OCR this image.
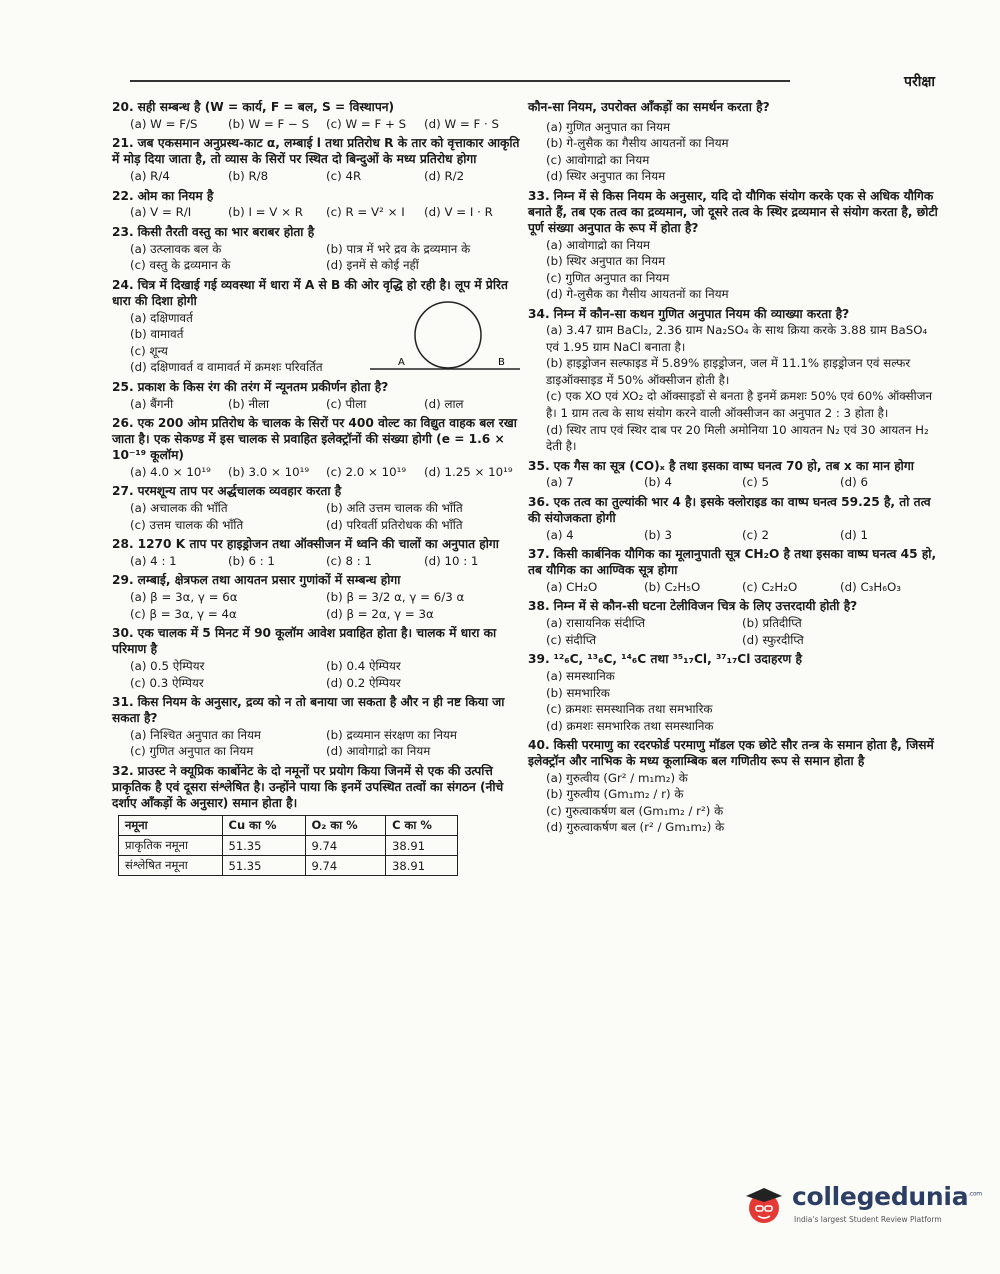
परीक्षा
20. सही सम्बन्ध है (W = कार्य, F = बल, S = विस्थापन)
(a) W = F/S	(b) W = F − S	(c) W = F + S	(d) W = F · S
21. जब एकसमान अनुप्रस्थ-काट α, लम्बाई l तथा प्रतिरोध R के तार को वृत्ताकार आकृति में मोड़ दिया जाता है, तो व्यास के सिरों पर स्थित दो बिन्दुओं के मध्य प्रतिरोध होगा
(a) R/4	(b) R/8	(c) 4R	(d) R/2
22. ओम का नियम है
(a) V = R/I	(b) I = V × R	(c) R = V² × I	(d) V = I · R
23. किसी तैरती वस्तु का भार बराबर होता है
(a) उत्प्लावक बल के	(b) पात्र में भरे द्रव के द्रव्यमान के
(c) वस्तु के द्रव्यमान के	(d) इनमें से कोई नहीं
24. चित्र में दिखाई गई व्यवस्था में धारा में A से B की ओर वृद्धि हो रही है। लूप में प्रेरित धारा की दिशा होगी
(a) दक्षिणावर्त
(b) वामावर्त
(c) शून्य
(d) दक्षिणावर्त व वामावर्त में क्रमशः परिवर्तित	A	B
25. प्रकाश के किस रंग की तरंग में न्यूनतम प्रकीर्णन होता है?
(a) बैंगनी	(b) नीला	(c) पीला	(d) लाल
26. एक 200 ओम प्रतिरोध के चालक के सिरों पर 400 वोल्ट का विद्युत वाहक बल रखा जाता है। एक सेकण्ड में इस चालक से प्रवाहित इलेक्ट्रॉनों की संख्या होगी (e = 1.6 × 10⁻¹⁹ कूलॉम)
(a) 4.0 × 10¹⁹	(b) 3.0 × 10¹⁹	(c) 2.0 × 10¹⁹	(d) 1.25 × 10¹⁹
27. परमशून्य ताप पर अर्द्धचालक व्यवहार करता है
(a) अचालक की भाँति	(b) अति उत्तम चालक की भाँति
(c) उत्तम चालक की भाँति	(d) परिवर्ती प्रतिरोधक की भाँति
28. 1270 K ताप पर हाइड्रोजन तथा ऑक्सीजन में ध्वनि की चालों का अनुपात होगा
(a) 4 : 1	(b) 6 : 1	(c) 8 : 1	(d) 10 : 1
29. लम्बाई, क्षेत्रफल तथा आयतन प्रसार गुणांकों में सम्बन्ध होगा
(a) β = 3α, γ = 6α	(b) β = 3/2 α, γ = 6/3 α
(c) β = 3α, γ = 4α	(d) β = 2α, γ = 3α
30. एक चालक में 5 मिनट में 90 कूलॉम आवेश प्रवाहित होता है। चालक में धारा का परिमाण है
(a) 0.5 ऐम्पियर	(b) 0.4 ऐम्पियर
(c) 0.3 ऐम्पियर	(d) 0.2 ऐम्पियर
31. किस नियम के अनुसार, द्रव्य को न तो बनाया जा सकता है और न ही नष्ट किया जा सकता है?
(a) निश्चित अनुपात का नियम	(b) द्रव्यमान संरक्षण का नियम
(c) गुणित अनुपात का नियम	(d) आवोगाद्रो का नियम
32. प्राउस्ट ने क्यूप्रिक कार्बोनेट के दो नमूनों पर प्रयोग किया जिनमें से एक की उत्पत्ति प्राकृतिक है एवं दूसरा संश्लेषित है। उन्होंने पाया कि इनमें उपस्थित तत्वों का संगठन (नीचे दर्शाए आँकड़ों के अनुसार) समान होता है।
नमूना	Cu का %	O₂ का %	C का %
प्राकृतिक नमूना	51.35	9.74	38.91
संश्लेषित नमूना	51.35	9.74	38.91
कौन-सा नियम, उपरोक्त आँकड़ों का समर्थन करता है?
(a) गुणित अनुपात का नियम
(b) गे-लुसैक का गैसीय आयतनों का नियम
(c) आवोगाद्रो का नियम
(d) स्थिर अनुपात का नियम
33. निम्न में से किस नियम के अनुसार, यदि दो यौगिक संयोग करके एक से अधिक यौगिक बनाते हैं, तब एक तत्व का द्रव्यमान, जो दूसरे तत्व के स्थिर द्रव्यमान से संयोग करता है, छोटी पूर्ण संख्या अनुपात के रूप में होता है?
(a) आवोगाद्रो का नियम
(b) स्थिर अनुपात का नियम
(c) गुणित अनुपात का नियम
(d) गे-लुसैक का गैसीय आयतनों का नियम
34. निम्न में कौन-सा कथन गुणित अनुपात नियम की व्याख्या करता है?
(a) 3.47 ग्राम BaCl₂, 2.36 ग्राम Na₂SO₄ के साथ क्रिया करके 3.88 ग्राम BaSO₄ एवं 1.95 ग्राम NaCl बनाता है।
(b) हाइड्रोजन सल्फाइड में 5.89% हाइड्रोजन, जल में 11.1% हाइड्रोजन एवं सल्फर डाइऑक्साइड में 50% ऑक्सीजन होती है।
(c) एक XO एवं XO₂ दो ऑक्साइडों से बनता है इनमें क्रमशः 50% एवं 60% ऑक्सीजन है। 1 ग्राम तत्व के साथ संयोग करने वाली ऑक्सीजन का अनुपात 2 : 3 होता है।
(d) स्थिर ताप एवं स्थिर दाब पर 20 मिली अमोनिया 10 आयतन N₂ एवं 30 आयतन H₂ देती है।
35. एक गैस का सूत्र (CO)ₓ है तथा इसका वाष्प घनत्व 70 हो, तब x का मान होगा
(a) 7	(b) 4	(c) 5	(d) 6
36. एक तत्व का तुल्यांकी भार 4 है। इसके क्लोराइड का वाष्प घनत्व 59.25 है, तो तत्व की संयोजकता होगी
(a) 4	(b) 3	(c) 2	(d) 1
37. किसी कार्बनिक यौगिक का मूलानुपाती सूत्र CH₂O है तथा इसका वाष्प घनत्व 45 हो, तब यौगिक का आण्विक सूत्र होगा
(a) CH₂O	(b) C₂H₅O	(c) C₂H₂O	(d) C₃H₆O₃
38. निम्न में से कौन-सी घटना टेलीविजन चित्र के लिए उत्तरदायी होती है?
(a) रासायनिक संदीप्ति	(b) प्रतिदीप्ति
(c) संदीप्ति	(d) स्फुरदीप्ति
39. ¹²₆C, ¹³₆C, ¹⁴₆C तथा ³⁵₁₇Cl, ³⁷₁₇Cl उदाहरण है
(a) समस्थानिक
(b) समभारिक
(c) क्रमशः समस्थानिक तथा समभारिक
(d) क्रमशः समभारिक तथा समस्थानिक
40. किसी परमाणु का रदरफोर्ड परमाणु मॉडल एक छोटे सौर तन्त्र के समान होता है, जिसमें इलेक्ट्रॉन और नाभिक के मध्य कूलाम्बिक बल गणितीय रूप से समान होता है
(a) गुरुत्वीय (Gr² / m₁m₂) के
(b) गुरुत्वीय (Gm₁m₂ / r) के
(c) गुरुत्वाकर्षण बल (Gm₁m₂ / r²) के
(d) गुरुत्वाकर्षण बल (r² / Gm₁m₂) के
collegedunia$^{.com}$
India's largest Student Review Platform
